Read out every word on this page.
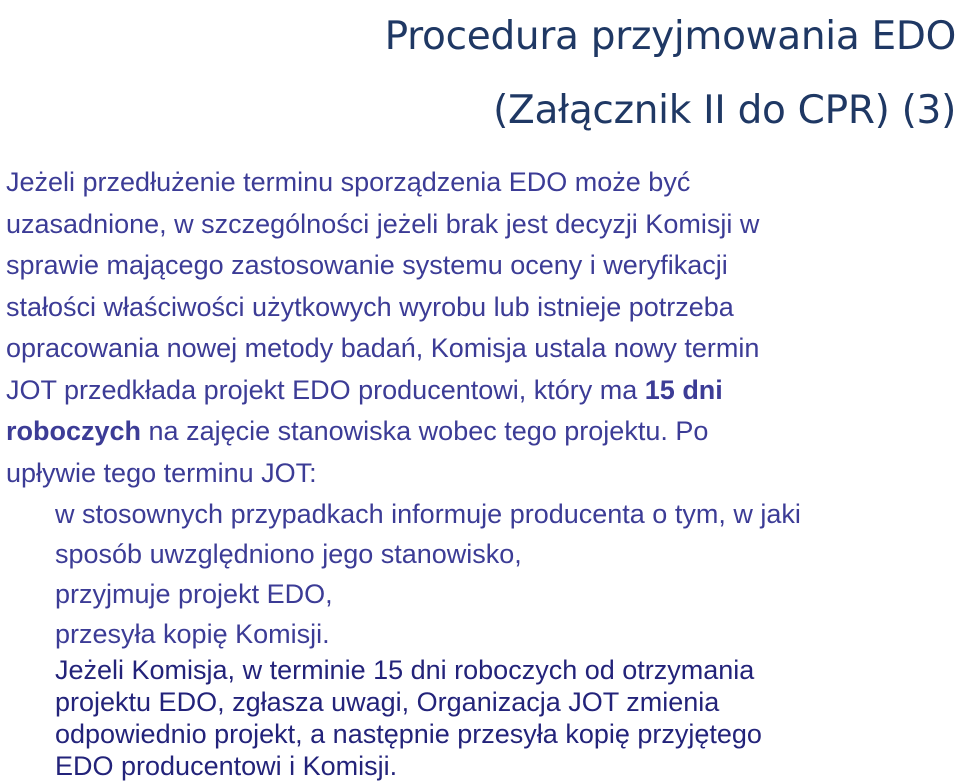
Procedura przyjmowania EDO
(Załącznik II do CPR) (3)
Jeżeli przedłużenie terminu sporządzenia EDO może być
uzasadnione, w szczególności jeżeli brak jest decyzji Komisji w
sprawie mającego zastosowanie systemu oceny i weryfikacji
stałości właściwości użytkowych wyrobu lub istnieje potrzeba
opracowania nowej metody badań, Komisja ustala nowy termin
JOT przedkłada projekt EDO producentowi, który ma 15 dni
roboczych na zajęcie stanowiska wobec tego projektu. Po
upływie tego terminu JOT:
w stosownych przypadkach informuje producenta o tym, w jaki
sposób uwzględniono jego stanowisko,
przyjmuje projekt EDO,
przesyła kopię Komisji.
Jeżeli Komisja, w terminie 15 dni roboczych od otrzymania
projektu EDO, zgłasza uwagi, Organizacja JOT zmienia
odpowiednio projekt, a następnie przesyła kopię przyjętego
EDO producentowi i Komisji.
